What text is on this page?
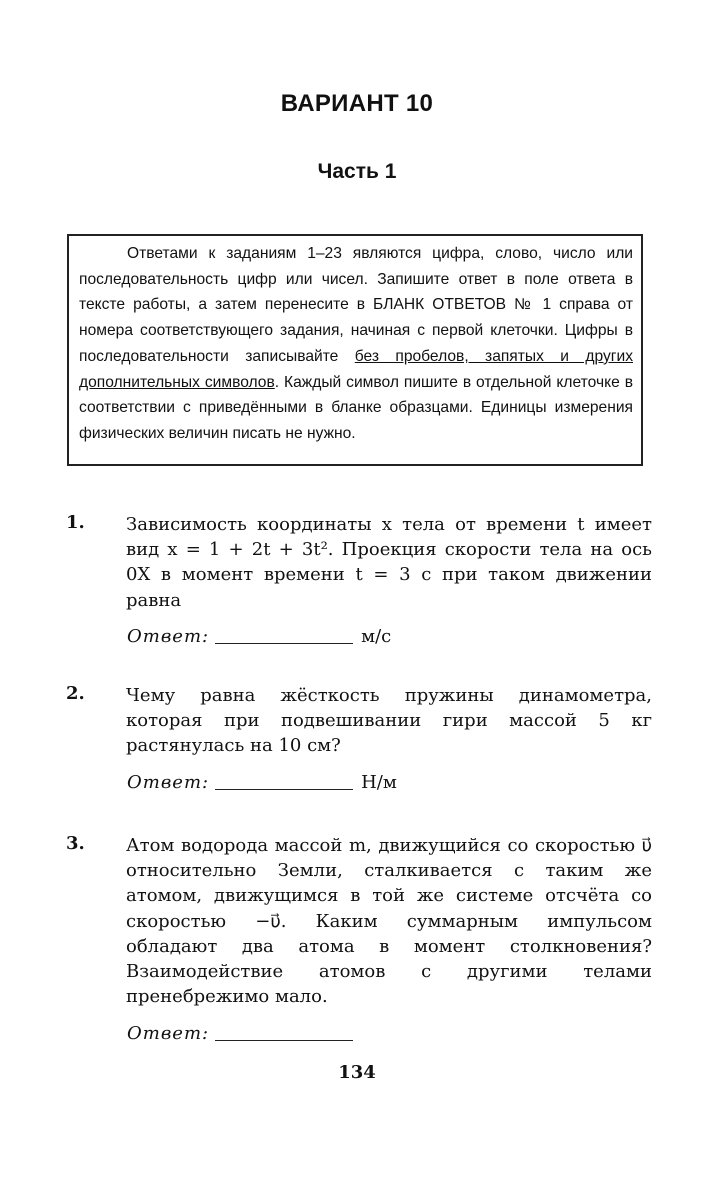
ВАРИАНТ 10
Часть 1
Ответами к заданиям 1–23 являются цифра, слово, число или последовательность цифр или чисел. Запишите ответ в поле ответа в тексте работы, а затем перенесите в БЛАНК ОТВЕТОВ № 1 справа от номера соответствующего задания, начиная с первой клеточки. Цифры в последовательности записывайте без пробелов, запятых и других дополнительных символов. Каждый символ пишите в отдельной клеточке в соответствии с приведёнными в бланке образцами. Единицы измерения физических величин писать не нужно.
1. Зависимость координаты x тела от времени t имеет вид x = 1 + 2t + 3t². Проекция скорости тела на ось 0X в момент времени t = 3 с при таком движении равна
Ответ:	м/с
2. Чему равна жёсткость пружины динамометра, которая при подвешивании гири массой 5 кг растянулась на 10 см?
Ответ:	Н/м
3. Атом водорода массой m, движущийся со скоростью υ⃗ относительно Земли, сталкивается с таким же атомом, движущимся в той же системе отсчёта со скоростью −υ⃗. Каким суммарным импульсом обладают два атома в момент столкновения? Взаимодействие атомов с другими телами пренебрежимо мало.
Ответ:
134
